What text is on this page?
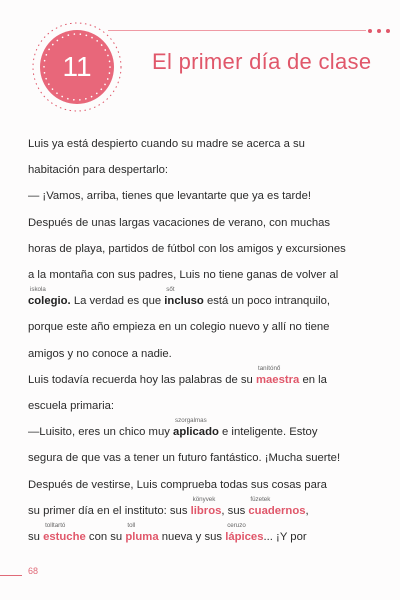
11	El primer día de clase
Luis ya está despierto cuando su madre se acerca a su
habitación para despertarlo:
— ¡Vamos, arriba, tienes que levantarte que ya es tarde!
Después de unas largas vacaciones de verano, con muchas
horas de playa, partidos de fútbol con los amigos y excursiones
a la montaña con sus padres, Luis no tiene ganas de volver al
colegio. La verdad es que incluso está un poco intranquilo,
porque este año empieza en un colegio nuevo y allí no tiene
amigos y no conoce a nadie.
Luis todavía recuerda hoy las palabras de su maestra en la
escuela primaria:
—Luisito, eres un chico muy aplicado e inteligente. Estoy
segura de que vas a tener un futuro fantástico. ¡Mucha suerte!
Después de vestirse, Luis comprueba todas sus cosas para
su primer día en el instituto: sus libros, sus cuadernos,
su estuche con su pluma nueva y sus lápices... ¡Y por
68
iskola	sőt
tanítónő
szorgalmas
könyvek	füzetek
tolltartó	toll	ceruzo
